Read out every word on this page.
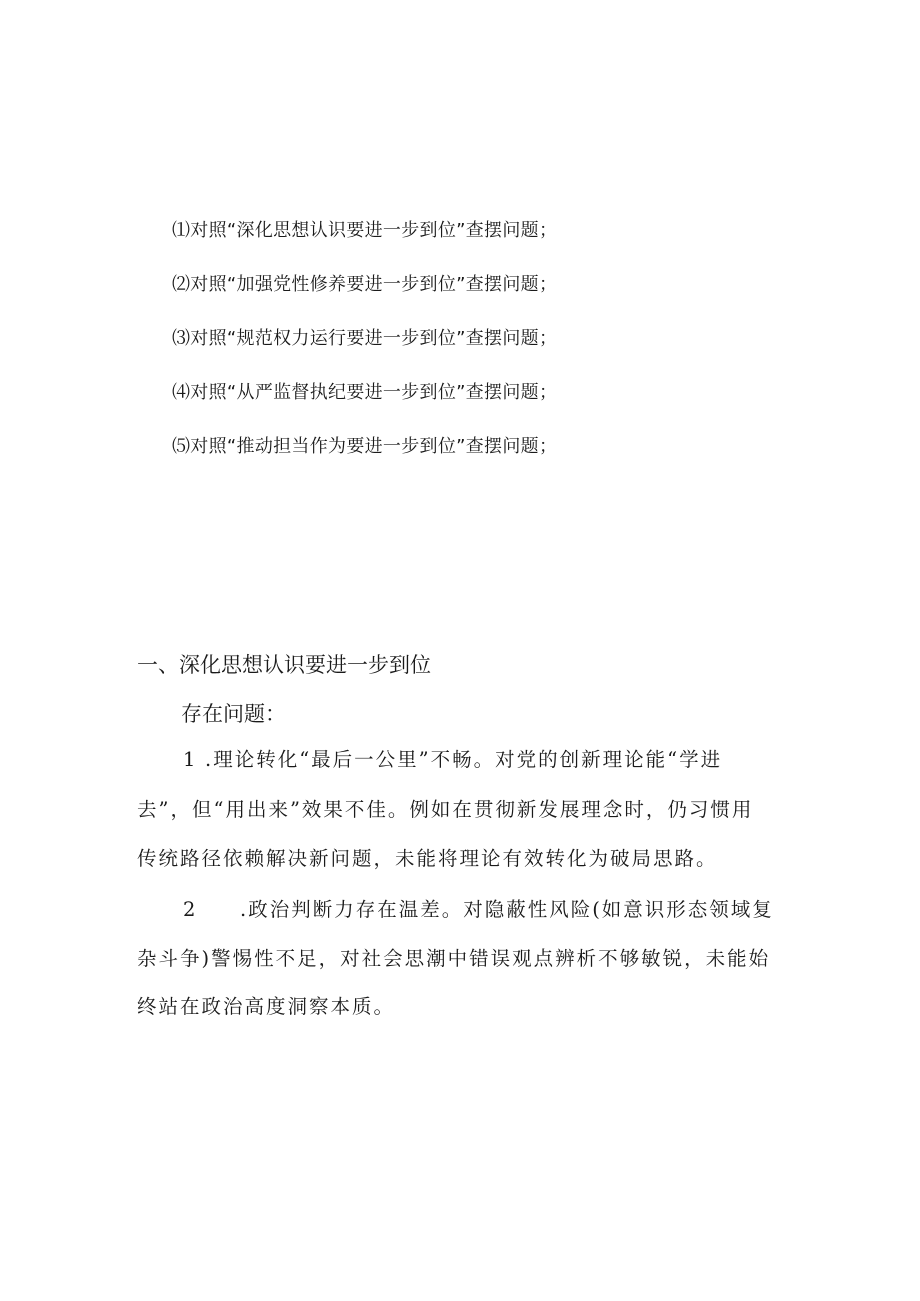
⑴对照“深化思想认识要进一步到位”查摆问题；
⑵对照“加强党性修养要进一步到位”查摆问题；
⑶对照“规范权力运行要进一步到位”查摆问题；
⑷对照“从严监督执纪要进一步到位”查摆问题；
⑸对照“推动担当作为要进一步到位”查摆问题；
一、深化思想认识要进一步到位
存在问题：
1 .理论转化“最后一公里”不畅。对党的创新理论能“学进
去”，但“用出来”效果不佳。例如在贯彻新发展理念时，仍习惯用
传统路径依赖解决新问题，未能将理论有效转化为破局思路。
2 .政治判断力存在温差。对隐蔽性风险(如意识形态领域复
杂斗争)警惕性不足，对社会思潮中错误观点辨析不够敏锐，未能始
终站在政治高度洞察本质。
